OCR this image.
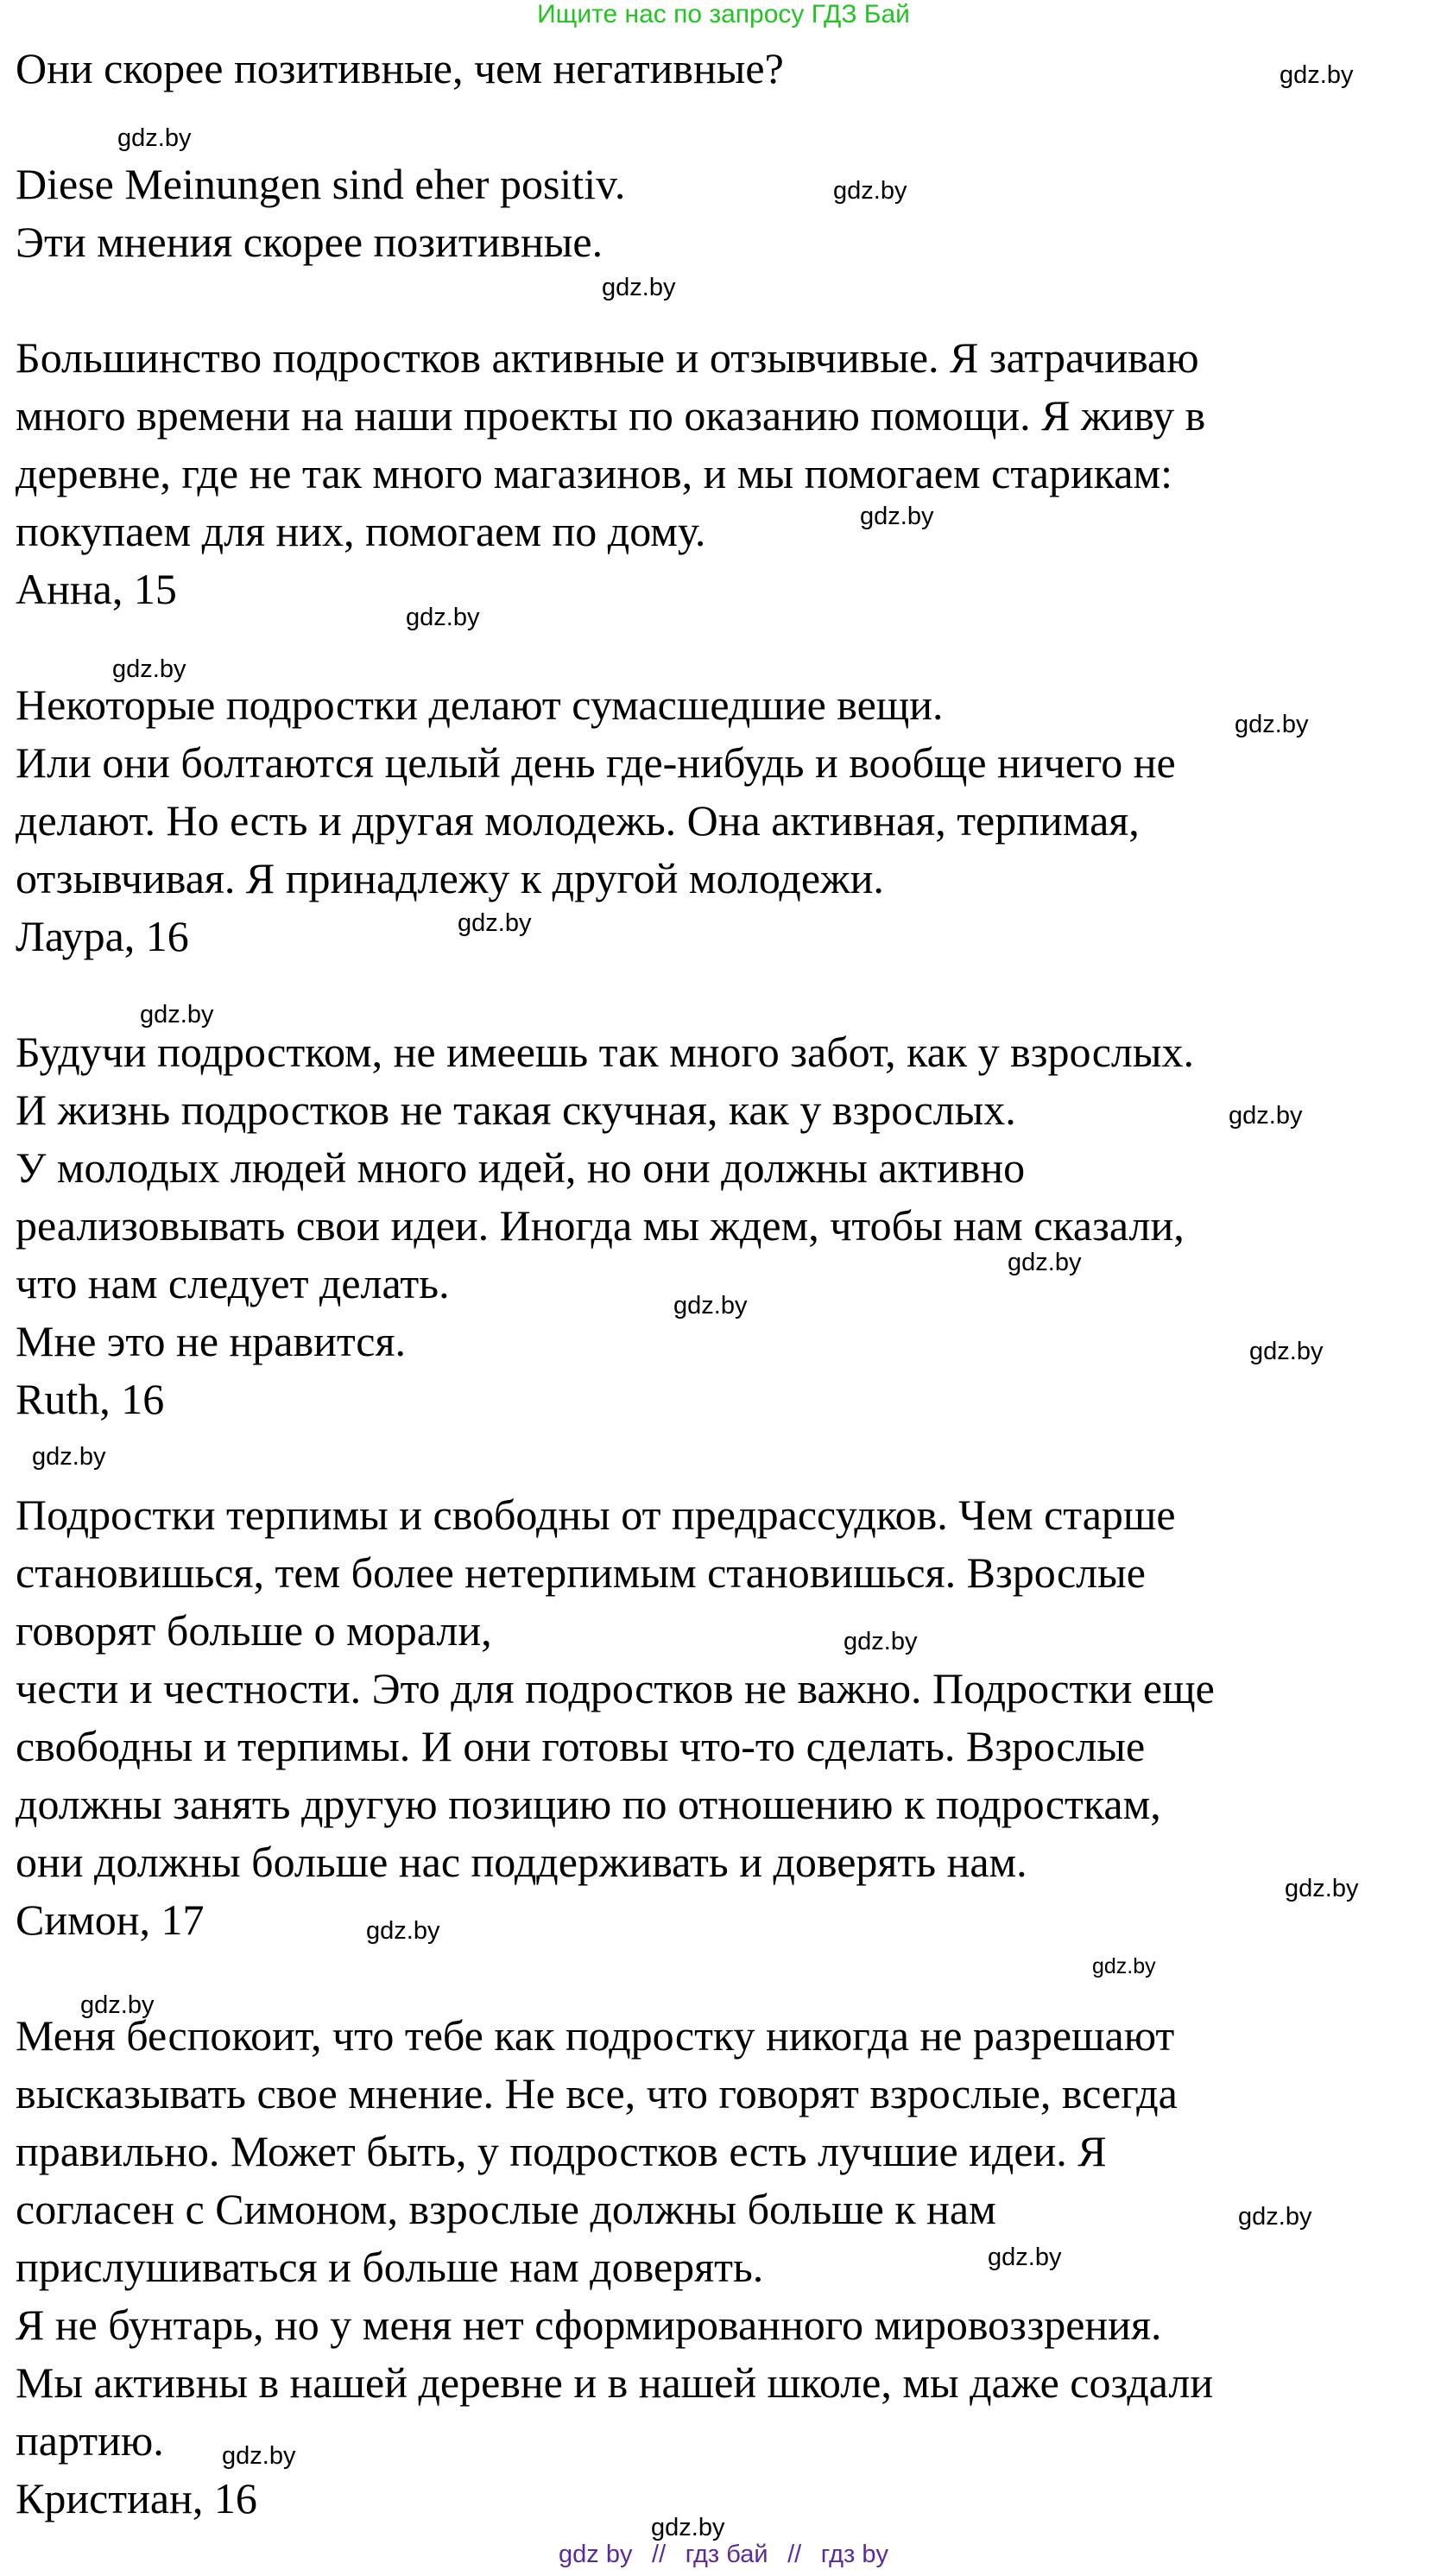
Ищите нас по запросу ГДЗ Бай

Они скорее позитивные, чем негативные?

Diese Meinungen sind eher positiv.

Эти мнения скорее позитивные.

Большинство подростков активные и отзывчивые. Я затрачиваю

много времени на наши проекты по оказанию помощи. Я живу в

деревне, где не так много магазинов, и мы помогаем старикам:

покупаем для них, помогаем по дому.

Анна, 15

Некоторые подростки делают сумасшедшие вещи.

Или они болтаются целый день где-нибудь и вообще ничего не

делают. Но есть и другая молодежь. Она активная, терпимая,

отзывчивая. Я принадлежу к другой молодежи.

Лаура, 16

Будучи подростком, не имеешь так много забот, как у взрослых.

И жизнь подростков не такая скучная, как у взрослых.

У молодых людей много идей, но они должны активно

реализовывать свои идеи. Иногда мы ждем, чтобы нам сказали,

что нам следует делать.

Мне это не нравится.

Ruth, 16

Подростки терпимы и свободны от предрассудков. Чем старше

становишься, тем более нетерпимым становишься. Взрослые

говорят больше о морали,

чести и честности. Это для подростков не важно. Подростки еще

свободны и терпимы. И они готовы что-то сделать. Взрослые

должны занять другую позицию по отношению к подросткам,

они должны больше нас поддерживать и доверять нам.

Симон, 17

Меня беспокоит, что тебе как подростку никогда не разрешают

высказывать свое мнение. Не все, что говорят взрослые, всегда

правильно. Может быть, у подростков есть лучшие идеи. Я

согласен с Симоном, взрослые должны больше к нам

прислушиваться и больше нам доверять.

Я не бунтарь, но у меня нет сформированного мировоззрения.

Мы активны в нашей деревне и в нашей школе, мы даже создали

партию.

Кристиан, 16

gdz.by
gdz.by
gdz.by
gdz.by
gdz.by
gdz.by
gdz.by
gdz.by
gdz.by
gdz.by
gdz.by
gdz.by
gdz.by
gdz.by
gdz.by
gdz.by
gdz.by
gdz.by
gdz.by
gdz.by
gdz.by
gdz.by
gdz.by
gdz.by
gdz by // гдз бай // гдз by
